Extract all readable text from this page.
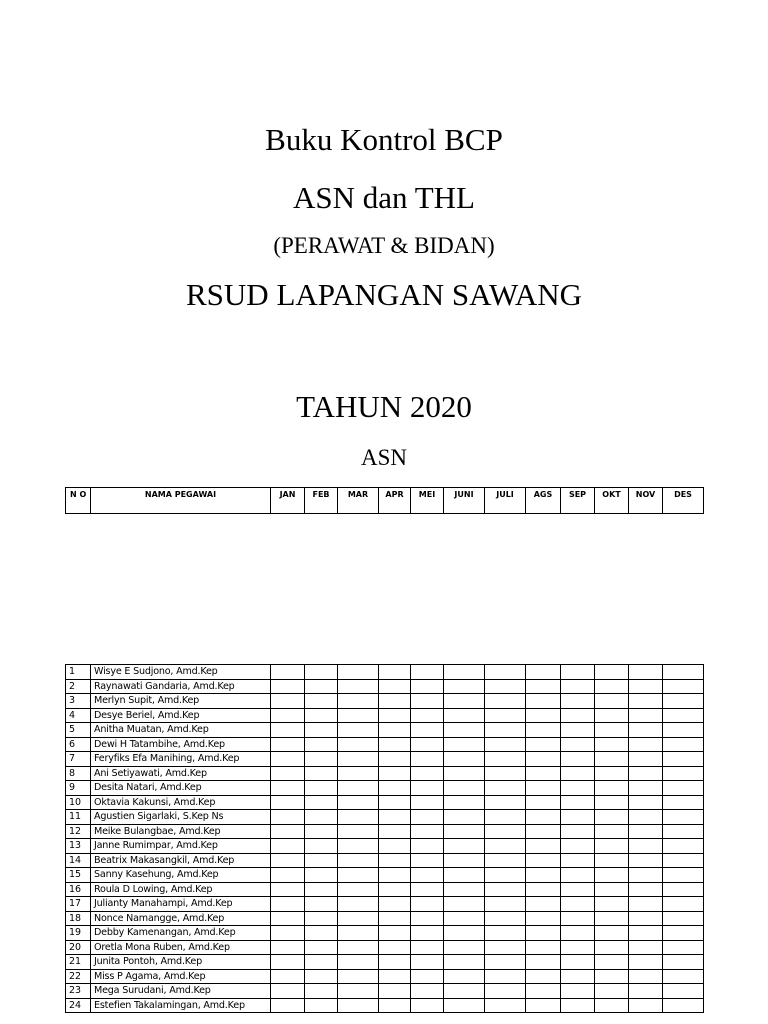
Buku Kontrol BCP
ASN dan THL
(PERAWAT & BIDAN)
RSUD LAPANGAN SAWANG
TAHUN 2020
ASN
N O	NAMA PEGAWAI	JAN	FEB	MAR	APR	MEI	JUNI	JULI	AGS	SEP	OKT	NOV	DES
1	Wisye E Sudjono, Amd.Kep												
2	Raynawati Gandaria, Amd.Kep												
3	Merlyn Supit, Amd.Kep												
4	Desye Beriel, Amd.Kep												
5	Anitha Muatan, Amd.Kep												
6	Dewi H Tatambihe, Amd.Kep												
7	Feryfiks Efa Manihing, Amd.Kep												
8	Ani Setiyawati, Amd.Kep												
9	Desita Natari, Amd.Kep												
10	Oktavia Kakunsi, Amd.Kep												
11	Agustien Sigarlaki, S.Kep Ns												
12	Meike Bulangbae, Amd.Kep												
13	Janne Rumimpar, Amd.Kep												
14	Beatrix Makasangkil, Amd.Kep												
15	Sanny Kasehung, Amd.Kep												
16	Roula D Lowing, Amd.Kep												
17	Julianty Manahampi, Amd.Kep												
18	Nonce Namangge, Amd.Kep												
19	Debby Kamenangan, Amd.Kep												
20	Oretla Mona Ruben, Amd.Kep												
21	Junita Pontoh, Amd.Kep												
22	Miss P Agama, Amd.Kep												
23	Mega Surudani, Amd.Kep												
24	Estefien Takalamingan, Amd.Kep												
